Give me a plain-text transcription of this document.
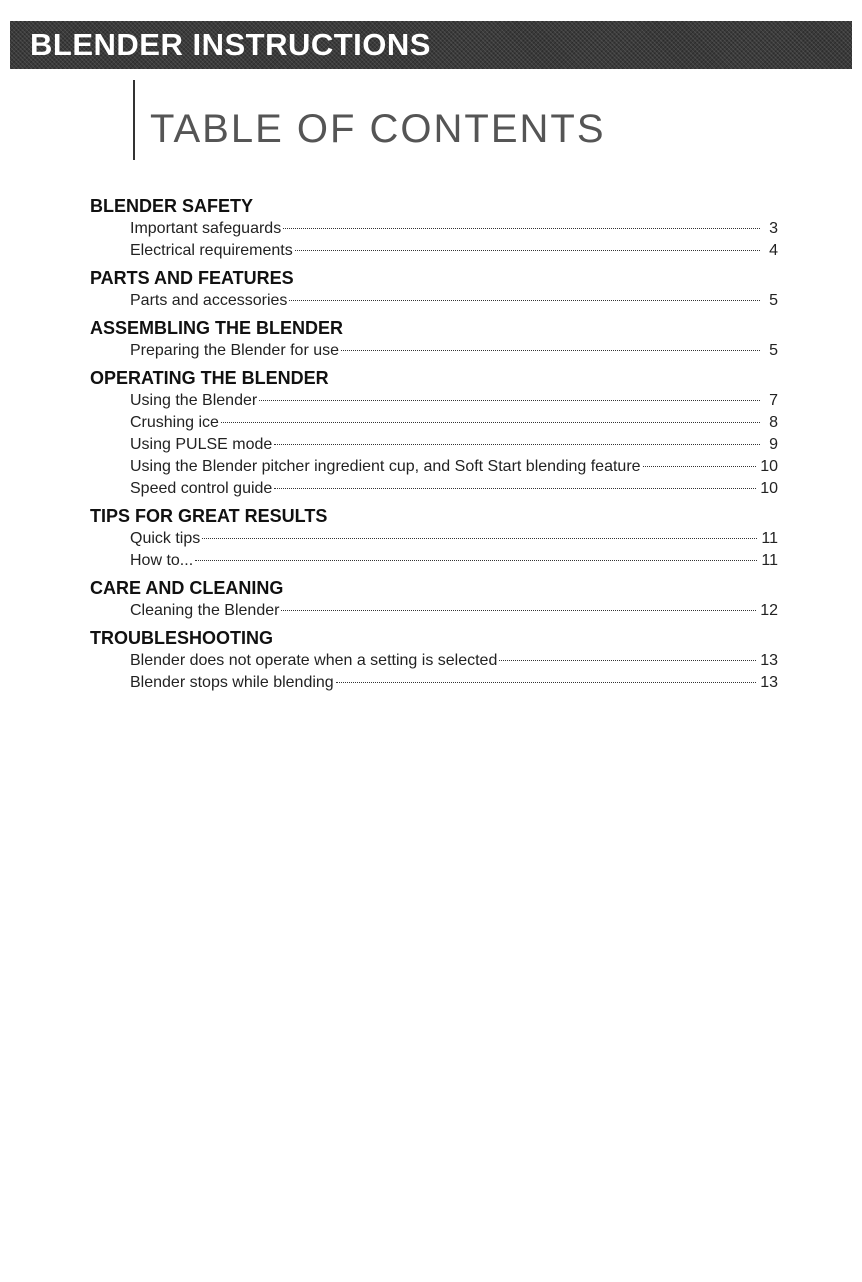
BLENDER INSTRUCTIONS
TABLE OF CONTENTS
BLENDER SAFETY
Important safeguards	3
Electrical requirements	4
PARTS AND FEATURES
Parts and accessories	5
ASSEMBLING THE BLENDER
Preparing the Blender for use	5
OPERATING THE BLENDER
Using the Blender	7
Crushing ice	8
Using PULSE mode	9
Using the Blender pitcher ingredient cup, and Soft Start blending feature	10
Speed control guide	10
TIPS FOR GREAT RESULTS
Quick tips	11
How to...	11
CARE AND CLEANING
Cleaning the Blender	12
TROUBLESHOOTING
Blender does not operate when a setting is selected	13
Blender stops while blending	13
